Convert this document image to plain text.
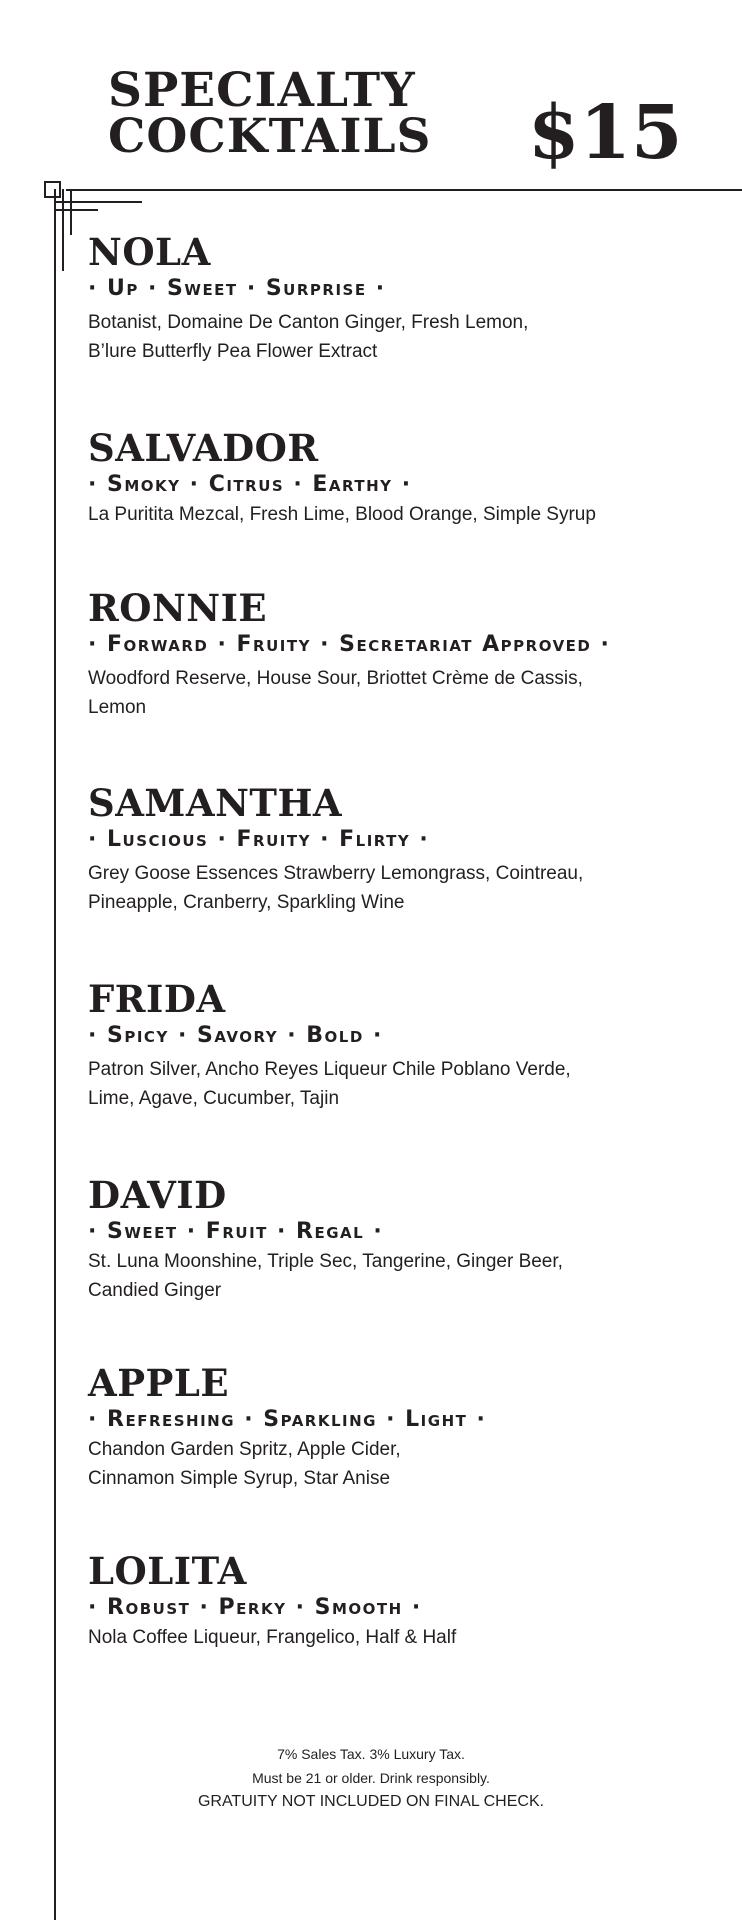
SPECIALTY
COCKTAILS $15
NOLA

· Up · Sweet · Surprise ·

Botanist, Domaine De Canton Ginger, Fresh Lemon,
B’lure Butterfly Pea Flower Extract

SALVADOR

· Smoky · Citrus · Earthy ·

La Puritita Mezcal, Fresh Lime, Blood Orange, Simple Syrup

RONNIE

· Forward · Fruity · Secretariat Approved ·

Woodford Reserve, House Sour, Briottet Crème de Cassis,
Lemon

SAMANTHA

· Luscious · Fruity · Flirty ·

Grey Goose Essences Strawberry Lemongrass, Cointreau,
Pineapple, Cranberry, Sparkling Wine

FRIDA

· Spicy · Savory · Bold ·

Patron Silver, Ancho Reyes Liqueur Chile Poblano Verde,
Lime, Agave, Cucumber, Tajin

DAVID

· Sweet · Fruit · Regal ·

St. Luna Moonshine, Triple Sec, Tangerine, Ginger Beer,
Candied Ginger

APPLE

· Refreshing · Sparkling · Light ·

Chandon Garden Spritz, Apple Cider,
Cinnamon Simple Syrup, Star Anise

LOLITA

· Robust · Perky · Smooth ·

Nola Coffee Liqueur, Frangelico, Half & Half

7% Sales Tax. 3% Luxury Tax.

Must be 21 or older. Drink responsibly.

GRATUITY NOT INCLUDED ON FINAL CHECK.
